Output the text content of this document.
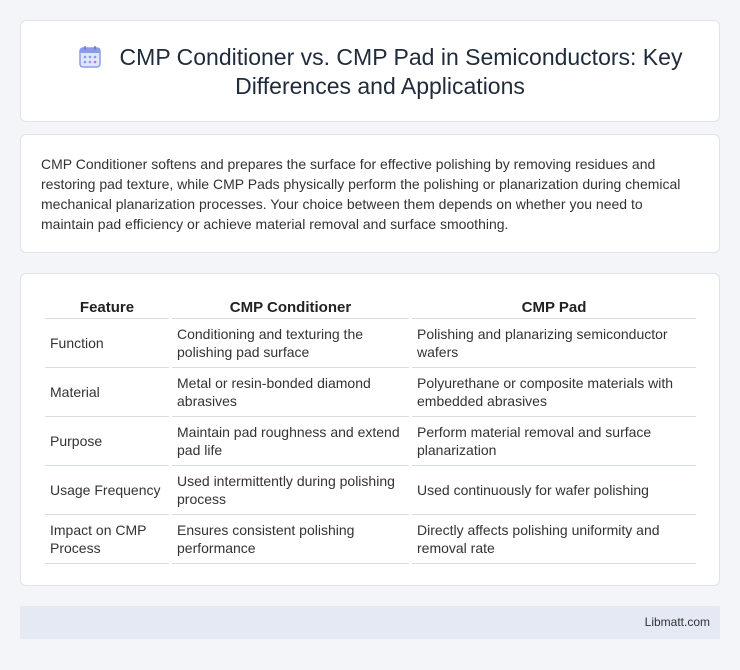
CMP Conditioner vs. CMP Pad in Semiconductors: Key Differences and Applications

CMP Conditioner softens and prepares the surface for effective polishing by removing residues and restoring pad texture, while CMP Pads physically perform the polishing or planarization during chemical mechanical planarization processes. Your choice between them depends on whether you need to maintain pad efficiency or achieve material removal and surface smoothing.

Feature	CMP Conditioner	CMP Pad
Function	Conditioning and texturing the polishing pad surface	Polishing and planarizing semiconductor wafers
Material	Metal or resin-bonded diamond abrasives	Polyurethane or composite materials with embedded abrasives
Purpose	Maintain pad roughness and extend pad life	Perform material removal and surface planarization
Usage Frequency	Used intermittently during polishing process	Used continuously for wafer polishing
Impact on CMP Process	Ensures consistent polishing performance	Directly affects polishing uniformity and removal rate
Libmatt.com
